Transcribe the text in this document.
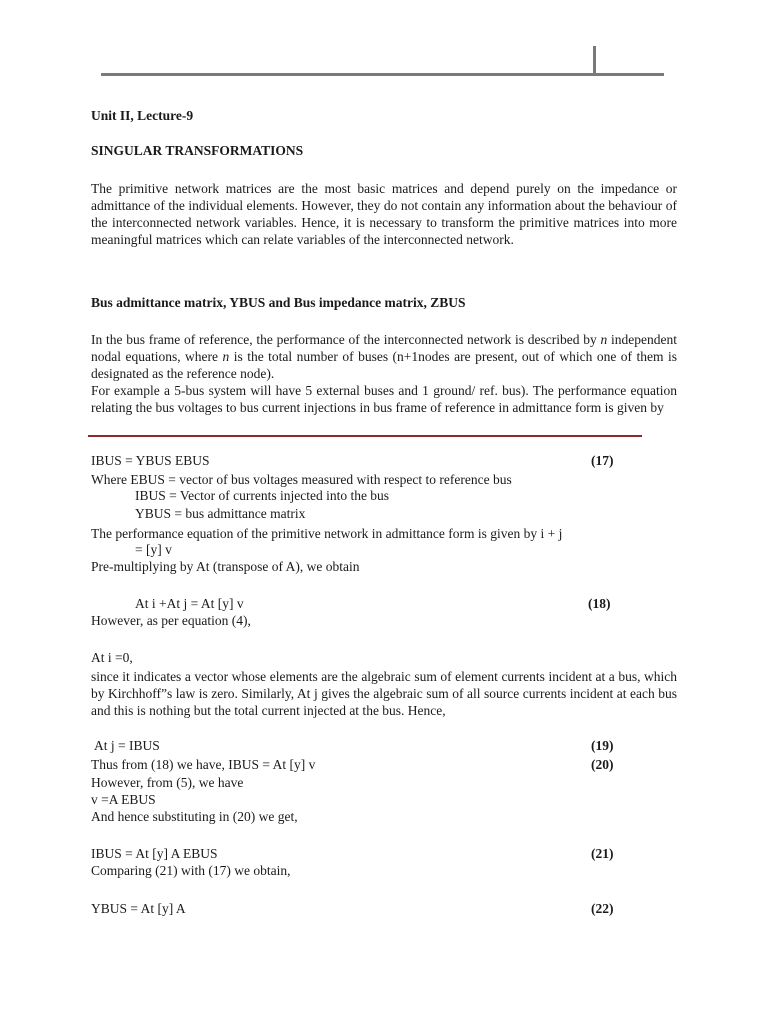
Unit II, Lecture-9
SINGULAR TRANSFORMATIONS
The primitive network matrices are the most basic matrices and depend purely on the impedance or admittance of the individual elements. However, they do not contain any information about the behaviour of the interconnected network variables. Hence, it is necessary to transform the primitive matrices into more meaningful matrices which can relate variables of the interconnected network.
Bus admittance matrix, YBUS and Bus impedance matrix, ZBUS
In the bus frame of reference, the performance of the interconnected network is described by n independent nodal equations, where n is the total number of buses (n+1nodes are present, out of which one of them is designated as the reference node).
For example a 5-bus system will have 5 external buses and 1 ground/ ref. bus). The performance equation relating the bus voltages to bus current injections in bus frame of reference in admittance form is given by
IBUS = YBUS EBUS	(17)
Where EBUS = vector of bus voltages measured with respect to reference bus
IBUS = Vector of currents injected into the bus
YBUS = bus admittance matrix
The performance equation of the primitive network in admittance form is given by i + j
= [y] v
Pre-multiplying by At (transpose of A), we obtain
At i +At j = At [y] v	(18)
However, as per equation (4),
At i =0,
since it indicates a vector whose elements are the algebraic sum of element currents incident at a bus, which by Kirchhoff”s law is zero. Similarly, At j gives the algebraic sum of all source currents incident at each bus and this is nothing but the total current injected at the bus. Hence,
At j = IBUS	(19)
Thus from (18) we have, IBUS = At [y] v	(20)
However, from (5), we have
v =A EBUS
And hence substituting in (20) we get,
IBUS = At [y] A EBUS	(21)
Comparing (21) with (17) we obtain,
YBUS = At [y] A	(22)
